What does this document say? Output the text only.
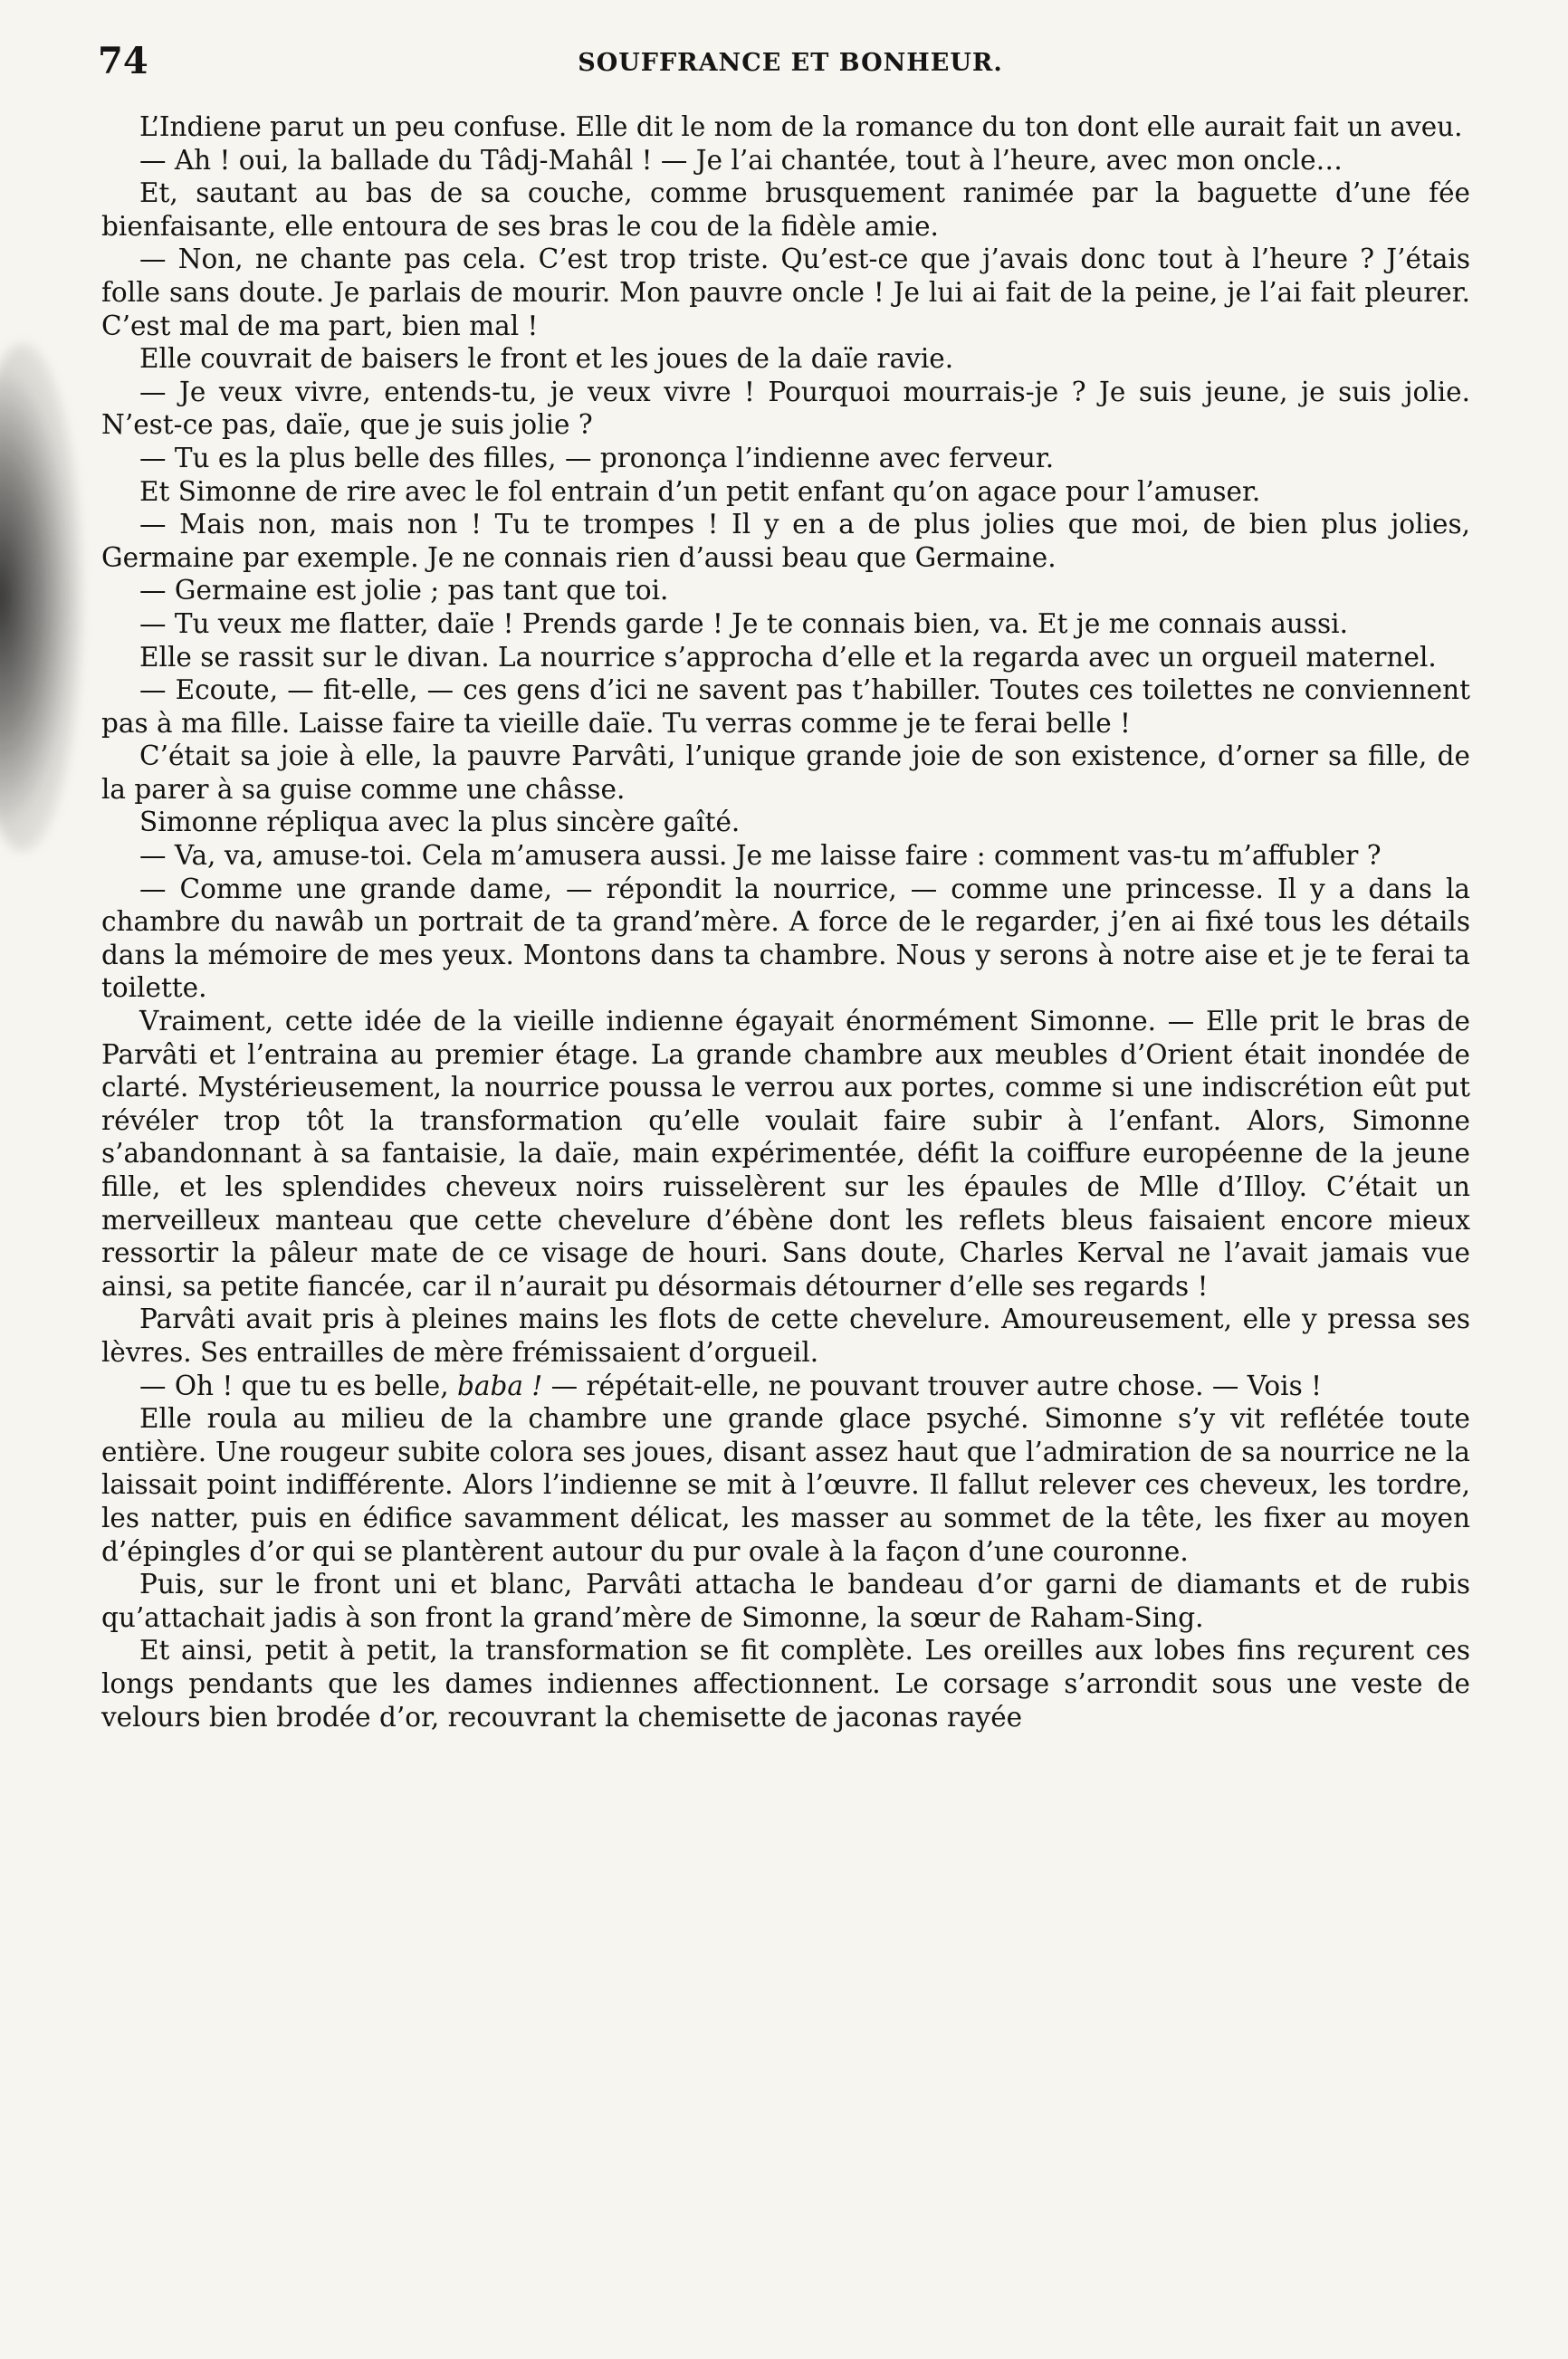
74	SOUFFRANCE ET BONHEUR.

L’Indiene parut un peu confuse. Elle dit le nom de la romance du ton dont elle aurait fait un aveu.

— Ah ! oui, la ballade du Tâdj-Mahâl ! — Je l’ai chantée, tout à l’heure, avec mon oncle…

Et, sautant au bas de sa couche, comme brusquement ranimée par la baguette d’une fée bienfaisante, elle entoura de ses bras le cou de la fidèle amie.

— Non, ne chante pas cela. C’est trop triste. Qu’est-ce que j’avais donc tout à l’heure ? J’étais folle sans doute. Je parlais de mourir. Mon pauvre oncle ! Je lui ai fait de la peine, je l’ai fait pleurer. C’est mal de ma part, bien mal !

Elle couvrait de baisers le front et les joues de la daïe ravie.

— Je veux vivre, entends-tu, je veux vivre ! Pourquoi mourrais-je ? Je suis jeune, je suis jolie. N’est-ce pas, daïe, que je suis jolie ?

— Tu es la plus belle des filles, — prononça l’indienne avec ferveur.

Et Simonne de rire avec le fol entrain d’un petit enfant qu’on agace pour l’amuser.

— Mais non, mais non ! Tu te trompes ! Il y en a de plus jolies que moi, de bien plus jolies, Germaine par exemple. Je ne connais rien d’aussi beau que Germaine.

— Germaine est jolie ; pas tant que toi.

— Tu veux me flatter, daïe ! Prends garde ! Je te connais bien, va. Et je me connais aussi.

Elle se rassit sur le divan. La nourrice s’approcha d’elle et la regarda avec un orgueil maternel.

— Ecoute, — fit-elle, — ces gens d’ici ne savent pas t’habiller. Toutes ces toilettes ne conviennent pas à ma fille. Laisse faire ta vieille daïe. Tu verras comme je te ferai belle !

C’était sa joie à elle, la pauvre Parvâti, l’unique grande joie de son existence, d’orner sa fille, de la parer à sa guise comme une châsse.

Simonne répliqua avec la plus sincère gaîté.

— Va, va, amuse-toi. Cela m’amusera aussi. Je me laisse faire : comment vas-tu m’affubler ?

— Comme une grande dame, — répondit la nourrice, — comme une princesse. Il y a dans la chambre du nawâb un portrait de ta grand’mère. A force de le regarder, j’en ai fixé tous les détails dans la mémoire de mes yeux. Montons dans ta chambre. Nous y serons à notre aise et je te ferai ta toilette.

Vraiment, cette idée de la vieille indienne égayait énormément Simonne. — Elle prit le bras de Parvâti et l’entraina au premier étage. La grande chambre aux meubles d’Orient était inondée de clarté. Mystérieusement, la nourrice poussa le verrou aux portes, comme si une indiscrétion eût put révéler trop tôt la transformation qu’elle voulait faire subir à l’enfant. Alors, Simonne s’abandonnant à sa fantaisie, la daïe, main expérimentée, défit la coiffure européenne de la jeune fille, et les splendides cheveux noirs ruisselèrent sur les épaules de Mlle d’Illoy. C’était un merveilleux manteau que cette chevelure d’ébène dont les reflets bleus faisaient encore mieux ressortir la pâleur mate de ce visage de houri. Sans doute, Charles Kerval ne l’avait jamais vue ainsi, sa petite fiancée, car il n’aurait pu désormais détourner d’elle ses regards !

Parvâti avait pris à pleines mains les flots de cette chevelure. Amoureusement, elle y pressa ses lèvres. Ses entrailles de mère frémissaient d’orgueil.

— Oh ! que tu es belle, baba ! — répétait-elle, ne pouvant trouver autre chose. — Vois !

Elle roula au milieu de la chambre une grande glace psyché. Simonne s’y vit reflétée toute entière. Une rougeur subite colora ses joues, disant assez haut que l’admiration de sa nourrice ne la laissait point indifférente. Alors l’indienne se mit à l’œuvre. Il fallut relever ces cheveux, les tordre, les natter, puis en édifice savamment délicat, les masser au sommet de la tête, les fixer au moyen d’épingles d’or qui se plantèrent autour du pur ovale à la façon d’une couronne.

Puis, sur le front uni et blanc, Parvâti attacha le bandeau d’or garni de diamants et de rubis qu’attachait jadis à son front la grand’mère de Simonne, la sœur de Raham-Sing.

Et ainsi, petit à petit, la transformation se fit complète. Les oreilles aux lobes fins reçurent ces longs pendants que les dames indiennes affectionnent. Le corsage s’arrondit sous une veste de velours bien brodée d’or, recouvrant la chemisette de jaconas rayée
